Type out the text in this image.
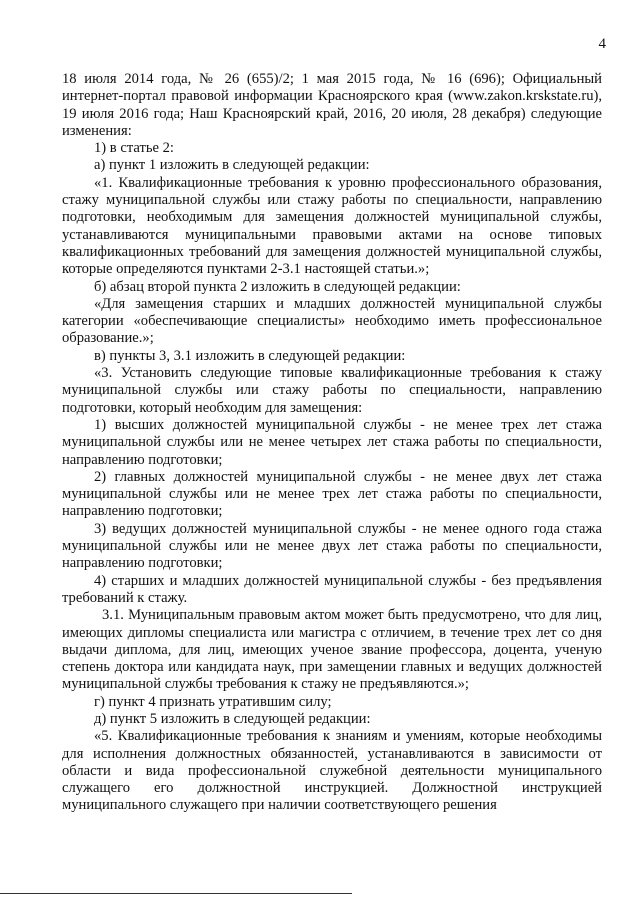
4

18 июля 2014 года, № 26 (655)/2; 1 мая 2015 года, № 16 (696); Официальный интернет-портал правовой информации Красноярского края (www.zakon.krskstate.ru), 19 июля 2016 года; Наш Красноярский край, 2016, 20 июля, 28 декабря) следующие изменения:

1) в статье 2:

а) пункт 1 изложить в следующей редакции:

«1. Квалификационные требования к уровню профессионального образования, стажу муниципальной службы или стажу работы по специальности, направлению подготовки, необходимым для замещения должностей муниципальной службы, устанавливаются муниципальными правовыми актами на основе типовых квалификационных требований для замещения должностей муниципальной службы, которые определяются пунктами 2-3.1 настоящей статьи.»;

б) абзац второй пункта 2 изложить в следующей редакции:

«Для замещения старших и младших должностей муниципальной службы категории «обеспечивающие специалисты» необходимо иметь профессиональное образование.»;

в) пункты 3, 3.1 изложить в следующей редакции:

«3. Установить следующие типовые квалификационные требования к стажу муниципальной службы или стажу работы по специальности, направлению подготовки, который необходим для замещения:

1) высших должностей муниципальной службы - не менее трех лет стажа муниципальной службы или не менее четырех лет стажа работы по специальности, направлению подготовки;

2) главных должностей муниципальной службы - не менее двух лет стажа муниципальной службы или не менее трех лет стажа работы по специальности, направлению подготовки;

3) ведущих должностей муниципальной службы - не менее одного года стажа муниципальной службы или не менее двух лет стажа работы по специальности, направлению подготовки;

4) старших и младших должностей муниципальной службы - без предъявления требований к стажу.

3.1. Муниципальным правовым актом может быть предусмотрено, что для лиц, имеющих дипломы специалиста или магистра с отличием, в течение трех лет со дня выдачи диплома, для лиц, имеющих ученое звание профессора, доцента, ученую степень доктора или кандидата наук, при замещении главных и ведущих должностей муниципальной службы требования к стажу не предъявляются.»;

г) пункт 4 признать утратившим силу;

д) пункт 5 изложить в следующей редакции:

«5. Квалификационные требования к знаниям и умениям, которые необходимы для исполнения должностных обязанностей, устанавливаются в зависимости от области и вида профессиональной служебной деятельности муниципального служащего его должностной инструкцией. Должностной инструкцией муниципального служащего при наличии соответствующего решения
